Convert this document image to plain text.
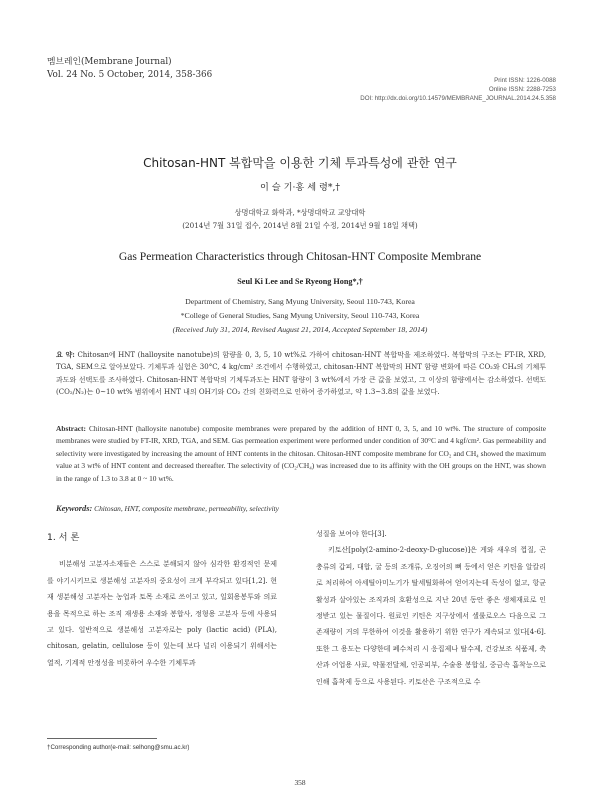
멤브레인(Membrane Journal)
Vol. 24 No. 5 October, 2014, 358-366
Print ISSN: 1226-0088
Online ISSN: 2288-7253
DOI: http://dx.doi.org/10.14579/MEMBRANE_JOURNAL.2014.24.5.358
Chitosan-HNT 복합막을 이용한 기체 투과특성에 관한 연구
이 슬 기·홍 세 령*,†
상명대학교 화학과, *상명대학교 교양대학
(2014년 7월 31일 접수, 2014년 8월 21일 수정, 2014년 9월 18일 채택)
Gas Permeation Characteristics through Chitosan-HNT Composite Membrane
Seul Ki Lee and Se Ryeong Hong*,†
Department of Chemistry, Sang Myung University, Seoul 110-743, Korea
*College of General Studies, Sang Myung University, Seoul 110-743, Korea
(Received July 31, 2014, Revised August 21, 2014, Accepted September 18, 2014)
요 약: Chitosan에 HNT (halloysite nanotube)의 함량을 0, 3, 5, 10 wt%로 가하여 chitosan-HNT 복합막을 제조하였다. 복합막의 구조는 FT-IR, XRD, TGA, SEM으로 알아보았다. 기체투과 실험은 30°C, 4 kg/cm² 조건에서 수행하였고, chitosan-HNT 복합막의 HNT 함량 변화에 따른 CO₂와 CH₄의 기체투과도와 선택도를 조사하였다. Chitosan-HNT 복합막의 기체투과도는 HNT 함량이 3 wt%에서 가장 큰 값을 보였고, 그 이상의 함량에서는 감소하였다. 선택도(CO₂/N₂)는 0~10 wt% 범위에서 HNT 내의 OH기와 CO₂ 간의 친화력으로 인하여 증가하였고, 약 1.3~3.8의 값을 보였다.
Abstract: Chitosan-HNT (halloysite nanotube) composite membranes were prepared by the addition of HNT 0, 3, 5, and 10 wt%. The structure of composite membranes were studied by FT-IR, XRD, TGA, and SEM. Gas permeation experiment were performed under condition of 30°C and 4 kgf/cm². Gas permeability and selectivity were investigated by increasing the amount of HNT contents in the chitosan. Chitosan-HNT composite membrane for CO₂ and CH₄ showed the maximum value at 3 wt% of HNT content and decreased thereafter. The selectivity of (CO₂/CH₄) was increased due to its affinity with the OH groups on the HNT, was shown in the range of 1.3 to 3.8 at 0 ~ 10 wt%.
Keywords: Chitosan, HNT, composite membrane, permeability, selectivity
1. 서 론
비분해성 고분자소재들은 스스로 분해되지 않아 심각한 환경적인 문제를 야기시키므로 생분해성 고분자의 중요성이 크게 부각되고 있다[1,2]. 현재 생분해성 고분자는 농업과 토목 소재로 쓰이고 있고, 일회용봉투와 의료용을 목적으로 하는 조직 재생용 소재와 봉합사, 정형용 고분자 등에 사용되고 있다. 일반적으로 생분해성 고분자로는 poly (lactic acid) (PLA), chitosan, gelatin, cellulose 등이 있는데 보다 널리 이용되기 위해서는 열적, 기계적 안정성을 비롯하여 우수한 기체투과
성질을 보여야 한다[3].
키토산[poly(2-amino-2-deoxy-D-glucose)]은 게와 새우의 껍질, 곤충류의 갑피, 대합, 굴 등의 조개류, 오징어의 뼈 등에서 얻은 키틴을 알칼리로 처리하여 아세틸아미노기가 탈세틸화하여 얻어지는데 독성이 없고, 항균 활성과 살아있는 조직과의 호환성으로 지난 20년 동안 좋은 생체재료로 인정받고 있는 물질이다. 원료인 키틴은 지구상에서 셀룰로오스 다음으로 그 존재량이 거의 무한하여 이것을 활용하기 위한 연구가 계속되고 있다[4-6]. 또한 그 용도는 다양한데 폐수처리 시 응집제나 탈수제, 건강보조 식품제, 축산과 어업용 사료, 약물전달체, 인공피부, 수술용 봉합실, 중금속 흡착능으로 인해 흡착제 등으로 사용된다. 키토산은 구조적으로 수
†Corresponding author(e-mail: selhong@smu.ac.kr)
358
